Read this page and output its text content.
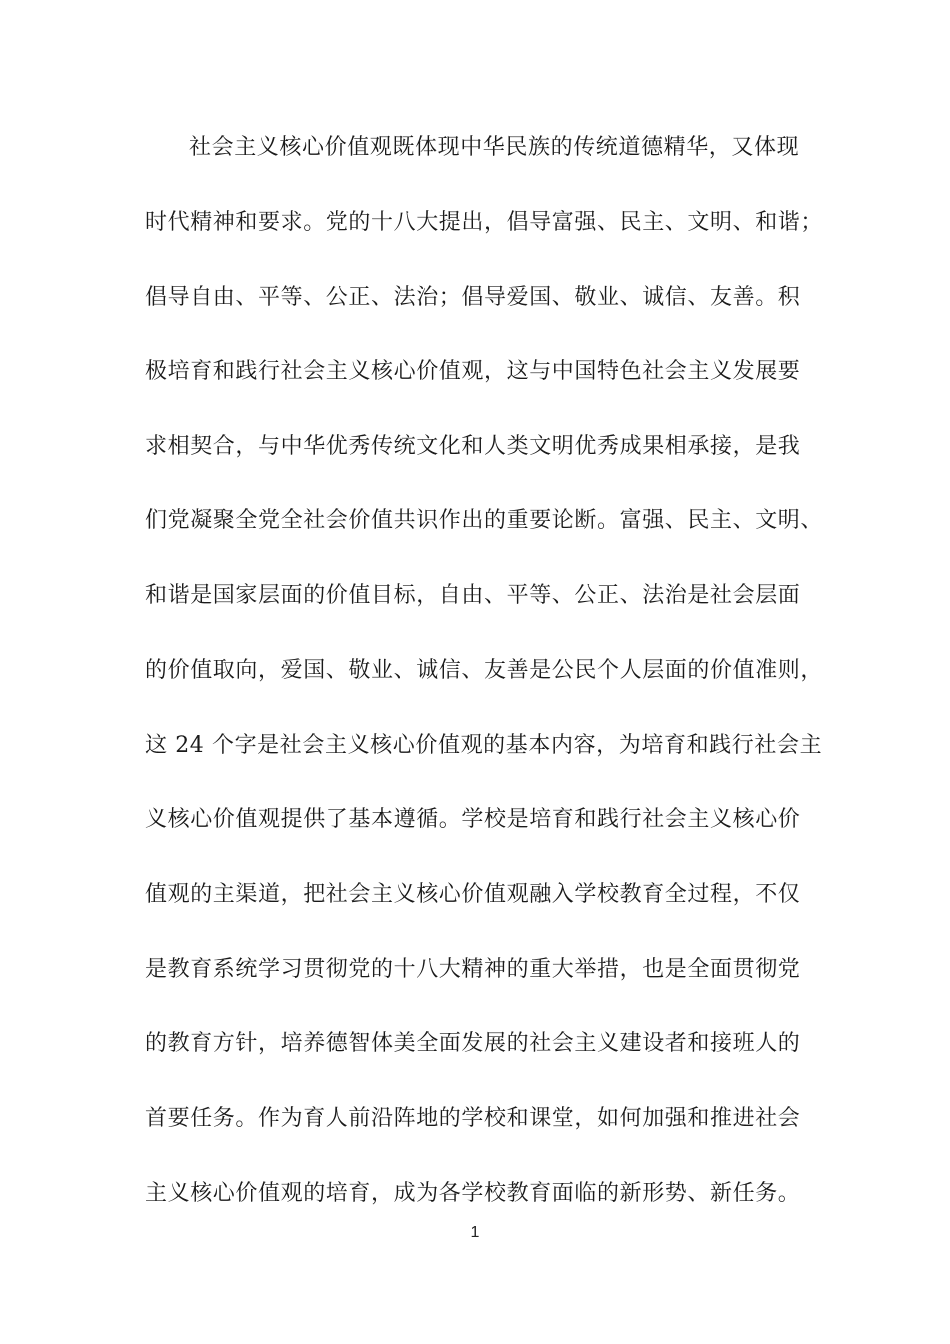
社会主义核心价值观既体现中华民族的传统道德精华，又体现
时代精神和要求。党的十八大提出，倡导富强、民主、文明、和谐；
倡导自由、平等、公正、法治；倡导爱国、敬业、诚信、友善。积
极培育和践行社会主义核心价值观，这与中国特色社会主义发展要
求相契合，与中华优秀传统文化和人类文明优秀成果相承接，是我
们党凝聚全党全社会价值共识作出的重要论断。富强、民主、文明、
和谐是国家层面的价值目标，自由、平等、公正、法治是社会层面
的价值取向，爱国、敬业、诚信、友善是公民个人层面的价值准则，
这 24 个字是社会主义核心价值观的基本内容，为培育和践行社会主
义核心价值观提供了基本遵循。学校是培育和践行社会主义核心价
值观的主渠道，把社会主义核心价值观融入学校教育全过程，不仅
是教育系统学习贯彻党的十八大精神的重大举措，也是全面贯彻党
的教育方针，培养德智体美全面发展的社会主义建设者和接班人的
首要任务。作为育人前沿阵地的学校和课堂，如何加强和推进社会
主义核心价值观的培育，成为各学校教育面临的新形势、新任务。
1
